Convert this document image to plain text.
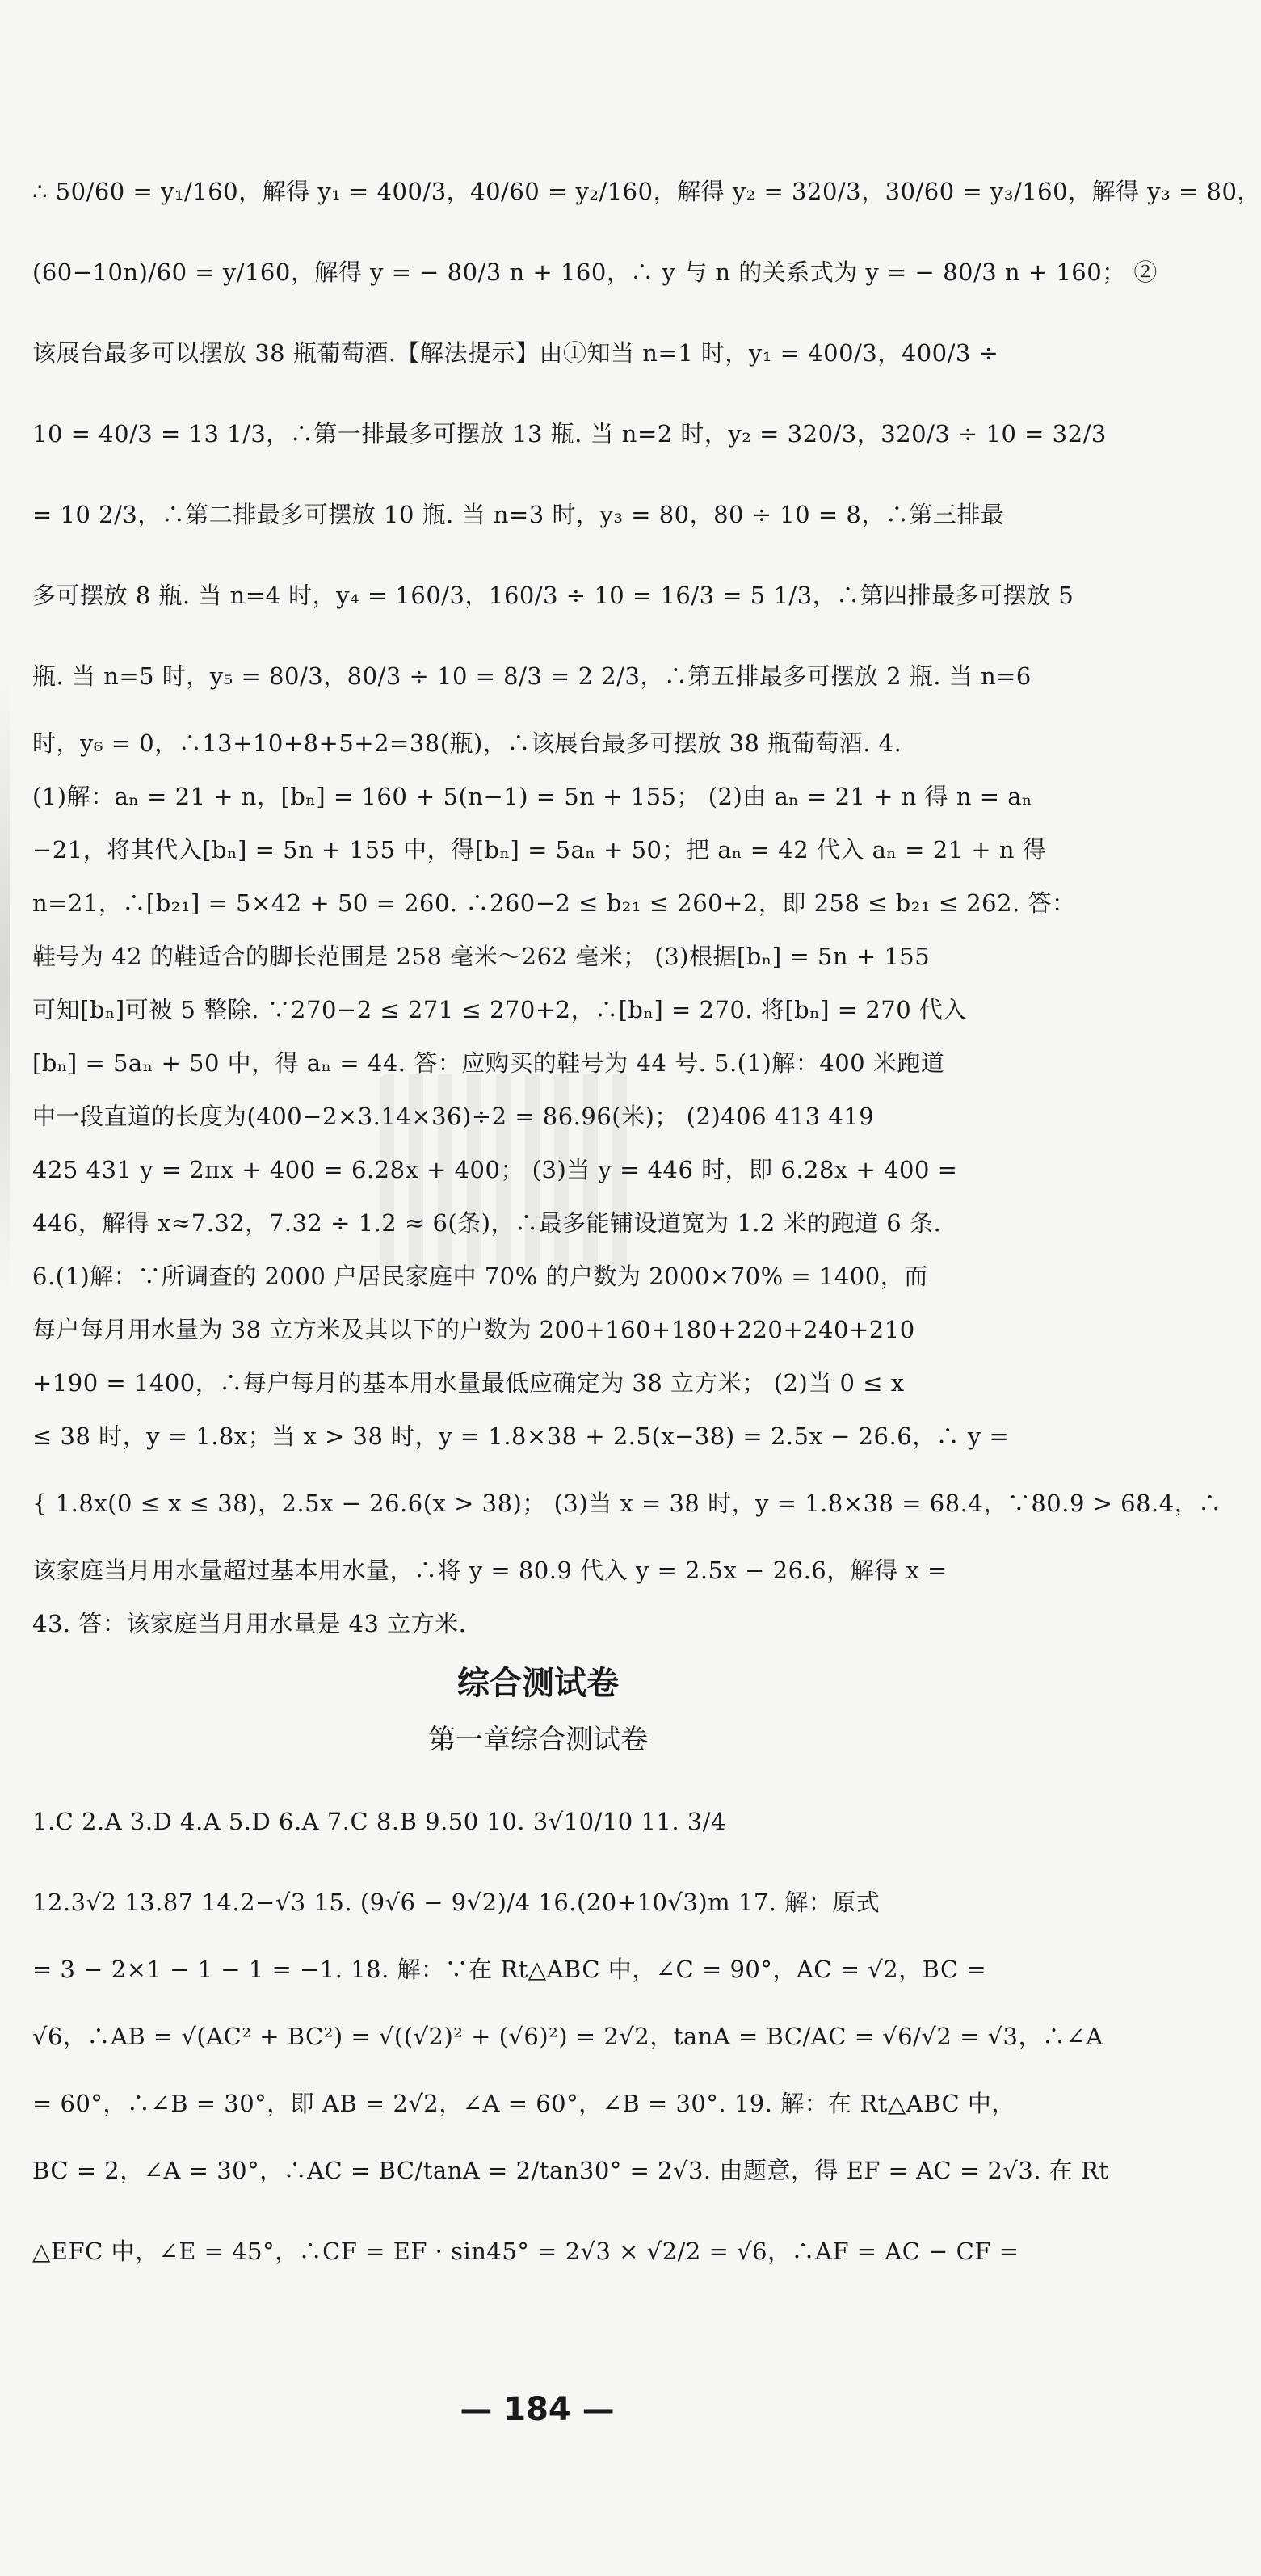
∴ 50/60 = y₁/160，解得 y₁ = 400/3，40/60 = y₂/160，解得 y₂ = 320/3，30/60 = y₃/160，解得 y₃ = 80，
(60−10n)/60 = y/160，解得 y = − 80/3 n + 160，∴ y 与 n 的关系式为 y = − 80/3 n + 160； ②
该展台最多可以摆放 38 瓶葡萄酒.【解法提示】由①知当 n=1 时，y₁ = 400/3，400/3 ÷
10 = 40/3 = 13 1/3，∴第一排最多可摆放 13 瓶. 当 n=2 时，y₂ = 320/3，320/3 ÷ 10 = 32/3
= 10 2/3，∴第二排最多可摆放 10 瓶. 当 n=3 时，y₃ = 80，80 ÷ 10 = 8，∴第三排最
多可摆放 8 瓶. 当 n=4 时，y₄ = 160/3，160/3 ÷ 10 = 16/3 = 5 1/3，∴第四排最多可摆放 5
瓶. 当 n=5 时，y₅ = 80/3，80/3 ÷ 10 = 8/3 = 2 2/3，∴第五排最多可摆放 2 瓶. 当 n=6
时，y₆ = 0，∴13+10+8+5+2=38(瓶)，∴该展台最多可摆放 38 瓶葡萄酒. 4.
(1)解：aₙ = 21 + n，[bₙ] = 160 + 5(n−1) = 5n + 155； (2)由 aₙ = 21 + n 得 n = aₙ
−21，将其代入[bₙ] = 5n + 155 中，得[bₙ] = 5aₙ + 50；把 aₙ = 42 代入 aₙ = 21 + n 得
n=21，∴[b₂₁] = 5×42 + 50 = 260. ∴260−2 ≤ b₂₁ ≤ 260+2，即 258 ≤ b₂₁ ≤ 262. 答：
鞋号为 42 的鞋适合的脚长范围是 258 毫米～262 毫米； (3)根据[bₙ] = 5n + 155
可知[bₙ]可被 5 整除. ∵270−2 ≤ 271 ≤ 270+2，∴[bₙ] = 270. 将[bₙ] = 270 代入
[bₙ] = 5aₙ + 50 中，得 aₙ = 44. 答：应购买的鞋号为 44 号. 5.(1)解：400 米跑道
中一段直道的长度为(400−2×3.14×36)÷2 = 86.96(米)； (2)406 413 419
425 431 y = 2πx + 400 = 6.28x + 400； (3)当 y = 446 时，即 6.28x + 400 =
446，解得 x≈7.32，7.32 ÷ 1.2 ≈ 6(条)，∴最多能铺设道宽为 1.2 米的跑道 6 条.
6.(1)解：∵所调查的 2000 户居民家庭中 70% 的户数为 2000×70% = 1400，而
每户每月用水量为 38 立方米及其以下的户数为 200+160+180+220+240+210
+190 = 1400，∴每户每月的基本用水量最低应确定为 38 立方米； (2)当 0 ≤ x
≤ 38 时，y = 1.8x；当 x > 38 时，y = 1.8×38 + 2.5(x−38) = 2.5x − 26.6，∴ y =
{ 1.8x(0 ≤ x ≤ 38)，2.5x − 26.6(x > 38)； (3)当 x = 38 时，y = 1.8×38 = 68.4，∵80.9 > 68.4，∴
该家庭当月用水量超过基本用水量，∴将 y = 80.9 代入 y = 2.5x − 26.6，解得 x =
43. 答：该家庭当月用水量是 43 立方米.
综合测试卷
第一章综合测试卷
1.C 2.A 3.D 4.A 5.D 6.A 7.C 8.B 9.50 10. 3√10/10 11. 3/4
12.3√2 13.87 14.2−√3 15. (9√6 − 9√2)/4 16.(20+10√3)m 17. 解：原式
= 3 − 2×1 − 1 − 1 = −1. 18. 解：∵在 Rt△ABC 中，∠C = 90°，AC = √2，BC =
√6，∴AB = √(AC² + BC²) = √((√2)² + (√6)²) = 2√2，tanA = BC/AC = √6/√2 = √3，∴∠A
= 60°，∴∠B = 30°，即 AB = 2√2，∠A = 60°，∠B = 30°. 19. 解：在 Rt△ABC 中，
BC = 2，∠A = 30°，∴AC = BC/tanA = 2/tan30° = 2√3. 由题意，得 EF = AC = 2√3. 在 Rt
△EFC 中，∠E = 45°，∴CF = EF · sin45° = 2√3 × √2/2 = √6，∴AF = AC − CF =
— 184 —
